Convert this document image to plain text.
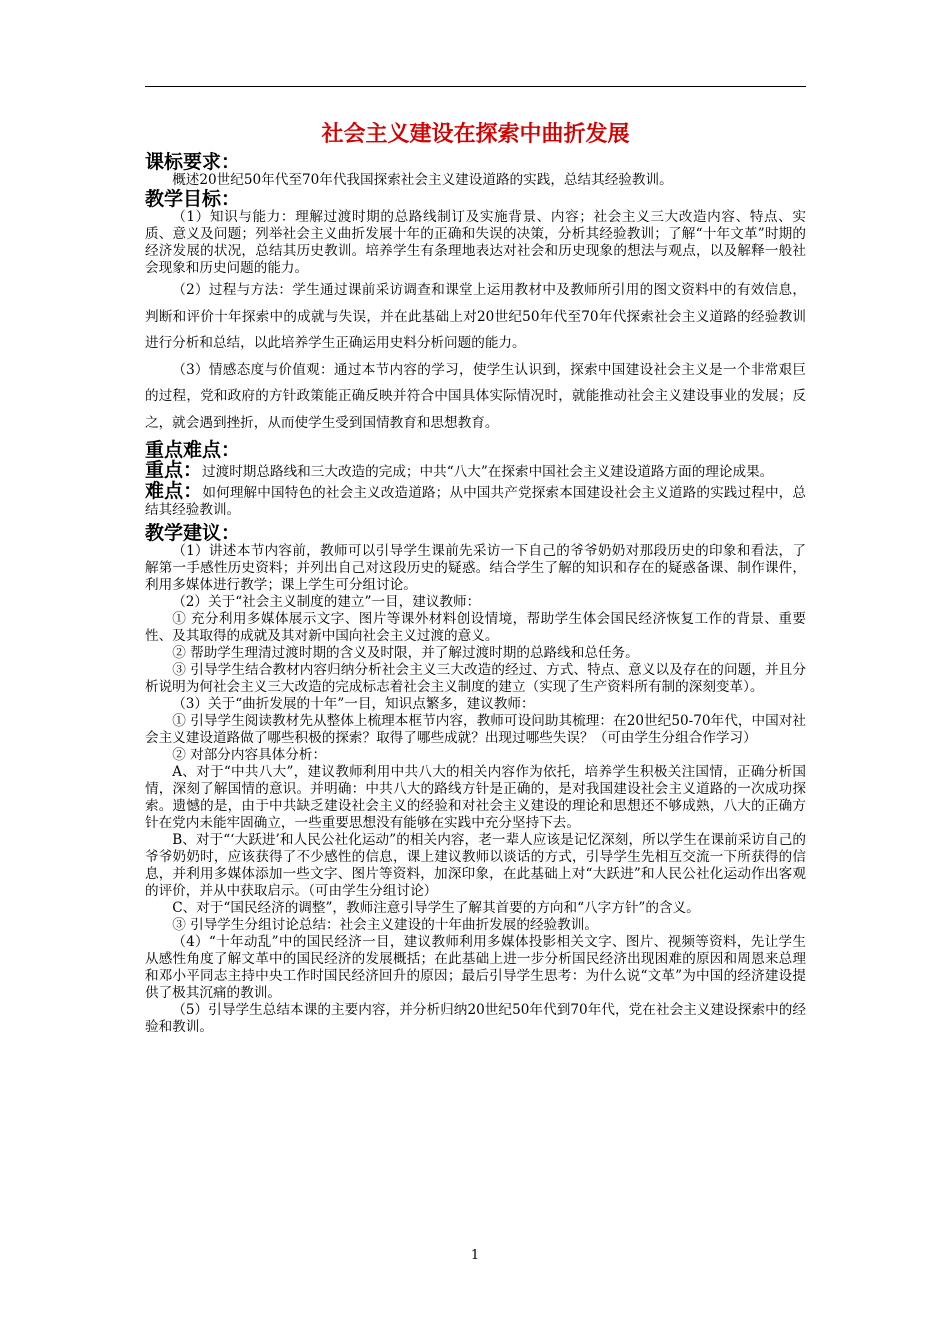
社会主义建设在探索中曲折发展
课标要求：
概述20世纪50年代至70年代我国探索社会主义建设道路的实践，总结其经验教训。
教学目标：
（1）知识与能力：理解过渡时期的总路线制订及实施背景、内容；社会主义三大改造内容、特点、实质、意义及问题；列举社会主义曲折发展十年的正确和失误的决策，分析其经验教训；了解“十年文革”时期的经济发展的状况，总结其历史教训。培养学生有条理地表达对社会和历史现象的想法与观点，以及解释一般社会现象和历史问题的能力。
（2）过程与方法：学生通过课前采访调查和课堂上运用教材中及教师所引用的图文资料中的有效信息，判断和评价十年探索中的成就与失误，并在此基础上对20世纪50年代至70年代探索社会主义道路的经验教训进行分析和总结，以此培养学生正确运用史料分析问题的能力。
（3）情感态度与价值观：通过本节内容的学习，使学生认识到，探索中国建设社会主义是一个非常艰巨的过程，党和政府的方针政策能正确反映并符合中国具体实际情况时，就能推动社会主义建设事业的发展；反之，就会遇到挫折，从而使学生受到国情教育和思想教育。
重点难点：
重点：过渡时期总路线和三大改造的完成；中共“八大”在探索中国社会主义建设道路方面的理论成果。
难点：如何理解中国特色的社会主义改造道路；从中国共产党探索本国建设社会主义道路的实践过程中，总结其经验教训。
教学建议：
（1）讲述本节内容前，教师可以引导学生课前先采访一下自己的爷爷奶奶对那段历史的印象和看法，了解第一手感性历史资料；并列出自己对这段历史的疑惑。结合学生了解的知识和存在的疑惑备课、制作课件，利用多媒体进行教学；课上学生可分组讨论。
（2）关于“社会主义制度的建立”一目，建议教师：
① 充分利用多媒体展示文字、图片等课外材料创设情境，帮助学生体会国民经济恢复工作的背景、重要性、及其取得的成就及其对新中国向社会主义过渡的意义。
② 帮助学生理清过渡时期的含义及时限，并了解过渡时期的总路线和总任务。
③ 引导学生结合教材内容归纳分析社会主义三大改造的经过、方式、特点、意义以及存在的问题，并且分析说明为何社会主义三大改造的完成标志着社会主义制度的建立（实现了生产资料所有制的深刻变革）。
（3）关于“曲折发展的十年”一目，知识点繁多，建议教师：
① 引导学生阅读教材先从整体上梳理本框节内容，教师可设问助其梳理：在20世纪50-70年代，中国对社会主义建设道路做了哪些积极的探索？取得了哪些成就？出现过哪些失误？（可由学生分组合作学习）
② 对部分内容具体分析：
A、对于“中共八大”，建议教师利用中共八大的相关内容作为依托，培养学生积极关注国情，正确分析国情，深刻了解国情的意识。并明确：中共八大的路线方针是正确的，是对我国建设社会主义道路的一次成功探索。遗憾的是，由于中共缺乏建设社会主义的经验和对社会主义建设的理论和思想还不够成熟，八大的正确方针在党内未能牢固确立，一些重要思想没有能够在实践中充分坚持下去。
B、对于“‘大跃进’和人民公社化运动”的相关内容，老一辈人应该是记忆深刻，所以学生在课前采访自己的爷爷奶奶时，应该获得了不少感性的信息，课上建议教师以谈话的方式，引导学生先相互交流一下所获得的信息，并利用多媒体添加一些文字、图片等资料，加深印象，在此基础上对“大跃进”和人民公社化运动作出客观的评价，并从中获取启示。（可由学生分组讨论）
C、对于“国民经济的调整”，教师注意引导学生了解其首要的方向和“八字方针”的含义。
③ 引导学生分组讨论总结：社会主义建设的十年曲折发展的经验教训。
（4）“十年动乱”中的国民经济一目，建议教师利用多媒体投影相关文字、图片、视频等资料，先让学生从感性角度了解文革中的国民经济的发展概括；在此基础上进一步分析国民经济出现困难的原因和周恩来总理和邓小平同志主持中央工作时国民经济回升的原因；最后引导学生思考：为什么说“文革”为中国的经济建设提供了极其沉痛的教训。
（5）引导学生总结本课的主要内容，并分析归纳20世纪50年代到70年代，党在社会主义建设探索中的经验和教训。
1
